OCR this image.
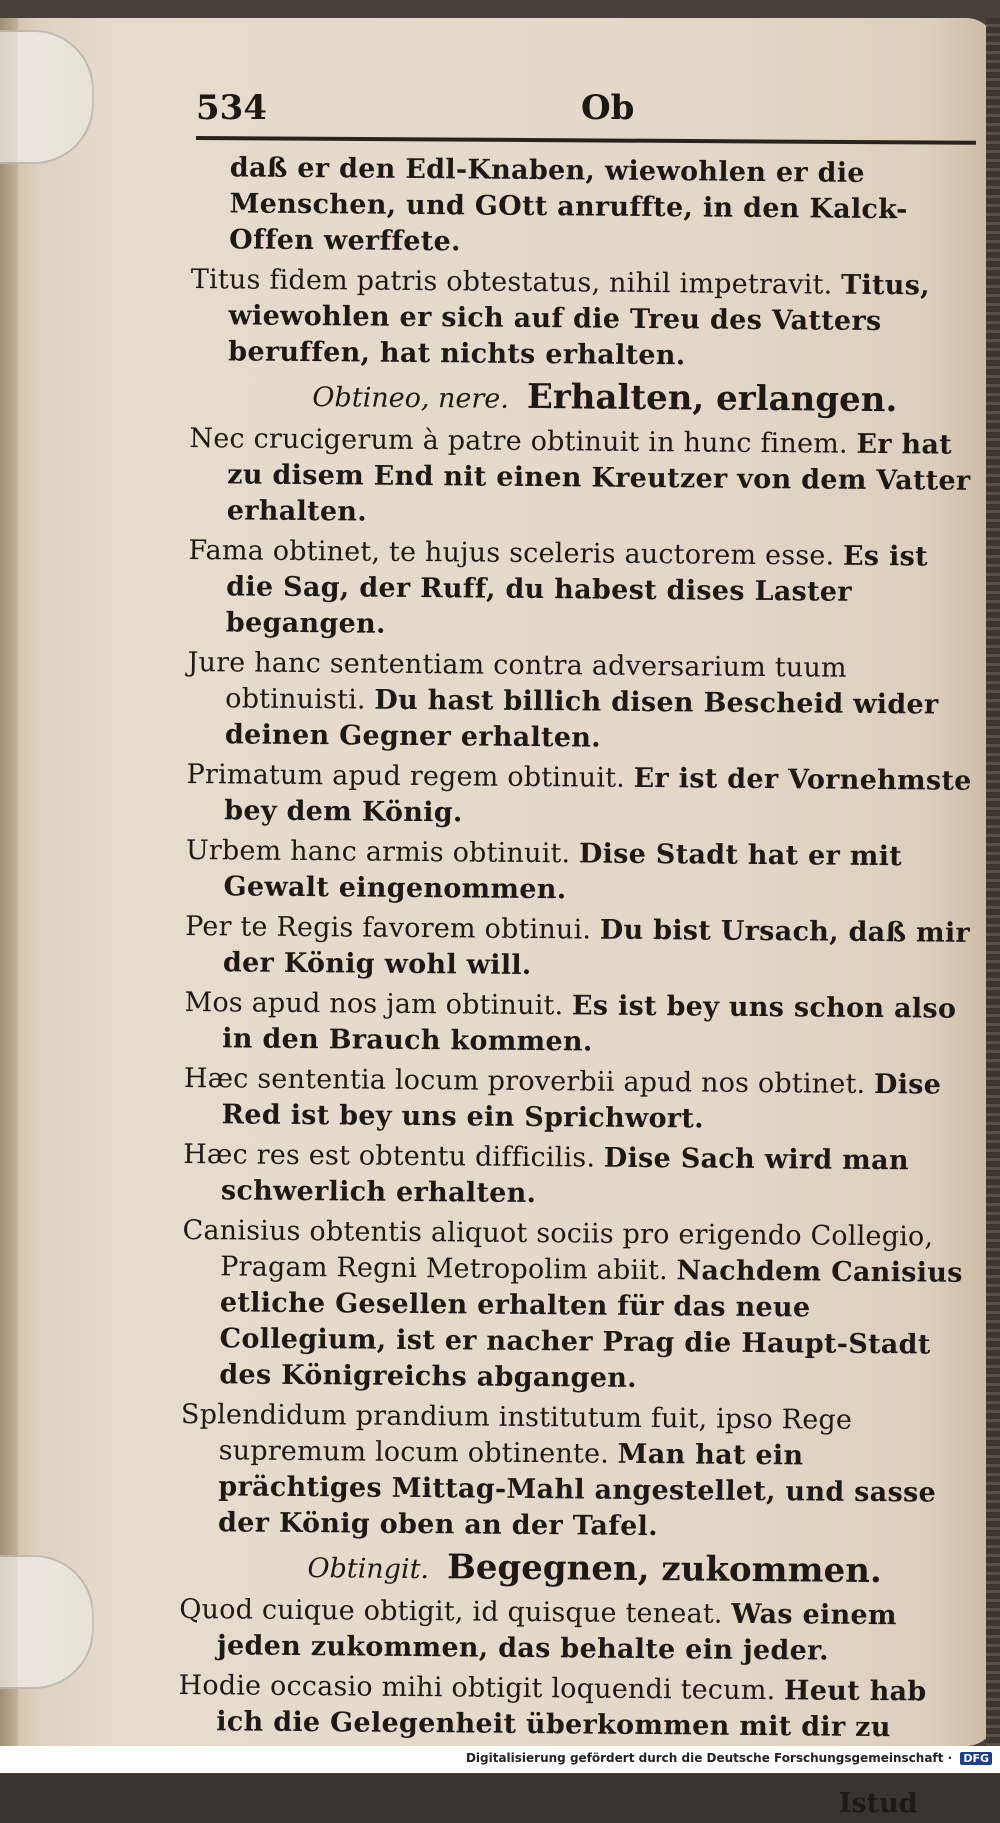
534	Ob
daß er den Edl-Knaben, wiewohlen er die Menschen, und GOtt anruffte, in den Kalck-Offen werffete.
Titus fidem patris obtestatus, nihil impetravit. Titus, wiewohlen er sich auf die Treu des Vatters beruffen, hat nichts erhalten.
Obtineo, nere. Erhalten, erlangen.
Nec crucigerum à patre obtinuit in hunc finem. Er hat zu disem End nit einen Kreutzer von dem Vatter erhalten.
Fama obtinet, te hujus sceleris auctorem esse. Es ist die Sag, der Ruff, du habest dises Laster begangen.
Jure hanc sententiam contra adversarium tuum obtinuisti. Du hast billich disen Bescheid wider deinen Gegner erhalten.
Primatum apud regem obtinuit. Er ist der Vornehmste bey dem König.
Urbem hanc armis obtinuit. Dise Stadt hat er mit Gewalt eingenommen.
Per te Regis favorem obtinui. Du bist Ursach, daß mir der König wohl will.
Mos apud nos jam obtinuit. Es ist bey uns schon also in den Brauch kommen.
Hæc sententia locum proverbii apud nos obtinet. Dise Red ist bey uns ein Sprichwort.
Hæc res est obtentu difficilis. Dise Sach wird man schwerlich erhalten.
Canisius obtentis aliquot sociis pro erigendo Collegio, Pragam Regni Metropolim abiit. Nachdem Canisius etliche Gesellen erhalten für das neue Collegium, ist er nacher Prag die Haupt-Stadt des Königreichs abgangen.
Splendidum prandium institutum fuit, ipso Rege supremum locum obtinente. Man hat ein prächtiges Mittag-Mahl angestellet, und sasse der König oben an der Tafel.
Obtingit. Begegnen, zukommen.
Quod cuique obtigit, id quisque teneat. Was einem jeden zukommen, das behalte ein jeder.
Hodie occasio mihi obtigit loquendi tecum. Heut hab ich die Gelegenheit überkommen mit dir zu
Istud
Digitalisierung gefördert durch die Deutsche Forschungsgemeinschaft · DFG
